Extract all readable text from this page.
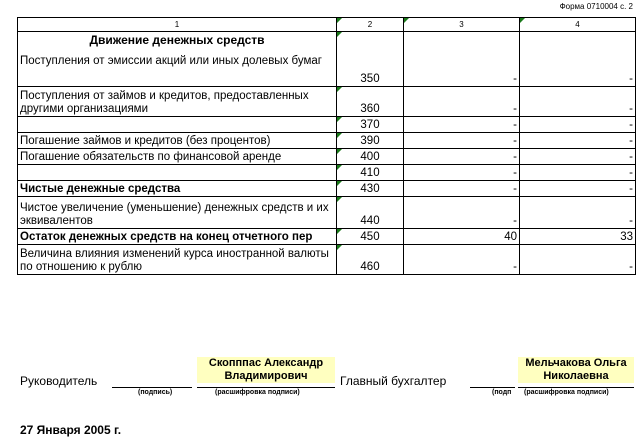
Форма 0710004 с. 2
1	2	3	4

Движение денежных средств
Поступления от эмиссии акций или иных долевых бумаг	350	-	-
Поступления от займов и кредитов, предоставленных другими организациями	360	-	-
	370	-	-
Погашение займов и кредитов (без процентов)	390	-	-
Погашение обязательств по финансовой аренде	400	-	-
	410	-	-
Чистые денежные средства	430	-	-
Чистое увеличение (уменьшение) денежных средств и их эквивалентов	440	-	-
Остаток денежных средств на конец отчетного пер	450	40	33
Величина влияния изменений курса иностранной валюты по отношению к рублю	460	-	-
Руководитель
(подпись)
Скопппас Александр Владимирович
(расшифровка подписи)
Главный бухгалтер
(подп
Мельчакова Ольга Николаевна
(расшифровка подписи)
27 Января 2005 г.
